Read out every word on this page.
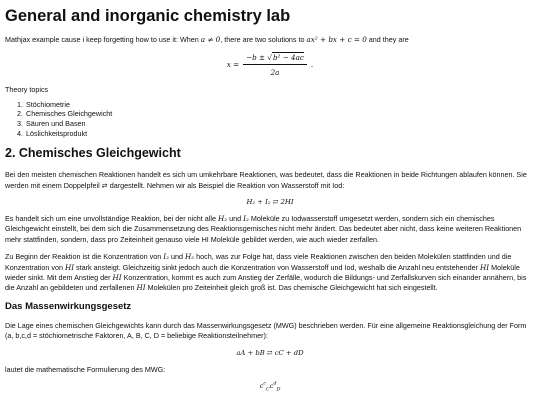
General and inorganic chemistry lab

Mathjax example cause i keep forgetting how to use it: When a ≠ 0, there are two solutions to ax² + bx + c = 0 and they are

$x = \frac{\text{−b ± √b² − 4ac}}{2a}$ .

Theory topics

1. Stöchiometrie
2. Chemisches Gleichgewicht
3. Säuren und Basen
4. Löslichkeitsprodukt
2. Chemisches Gleichgewicht

Bei den meisten chemischen Reaktionen handelt es sich um umkehrbare Reaktionen, was bedeutet, dass die Reaktionen in beide Richtungen ablaufen können. Sie werden mit einem Doppelpfeil ⇄ dargestellt. Nehmen wir als Beispiel die Reaktion von Wasserstoff mit Iod:

H₂ + I₂ ⇄ 2HI

Es handelt sich um eine unvollständige Reaktion, bei der nicht alle H₂ und I₂ Moleküle zu Iodwasserstoff umgesetzt werden, sondern sich ein chemisches Gleichgewicht einstellt, bei dem sich die Zusammensetzung des Reaktionsgemisches nicht mehr ändert. Das bedeutet aber nicht, dass keine weiteren Reaktionen mehr stattfinden, sondern, dass pro Zeiteinheit genauso viele HI Moleküle gebildet werden, wie auch wieder zerfallen.

Zu Beginn der Reaktion ist die Konzentration von I₂ und H₂ hoch, was zur Folge hat, dass viele Reaktionen zwischen den beiden Molekülen stattfinden und die Konzentration von HI stark ansteigt. Gleichzeitig sinkt jedoch auch die Konzentration von Wasserstoff und Iod, weshalb die Anzahl neu entstehender HI Moleküle wieder sinkt. Mit dem Anstieg der HI Konzentration, kommt es auch zum Anstieg der Zerfälle, wodurch die Bildungs- und Zerfallskurven sich einander annähern, bis die Anzahl an gebildeten und zerfallenen HI Molekülen pro Zeiteinheit gleich groß ist. Das chemische Gleichgewicht hat sich eingestellt.

Das Massenwirkungsgesetz

Die Lage eines chemischen Gleichgewichts kann durch das Massenwirkungsgesetz (MWG) beschrieben werden. Für eine allgemeine Reaktionsgleichung der Form (a, b,c,d = stöchiometrische Faktoren, A, B, C, D = beliebige Reaktionsteilnehmer):

aA + bB ⇄ cC + dD

lautet die mathematische Formulierung des MWG:

$c^c_Cc^d_D$
